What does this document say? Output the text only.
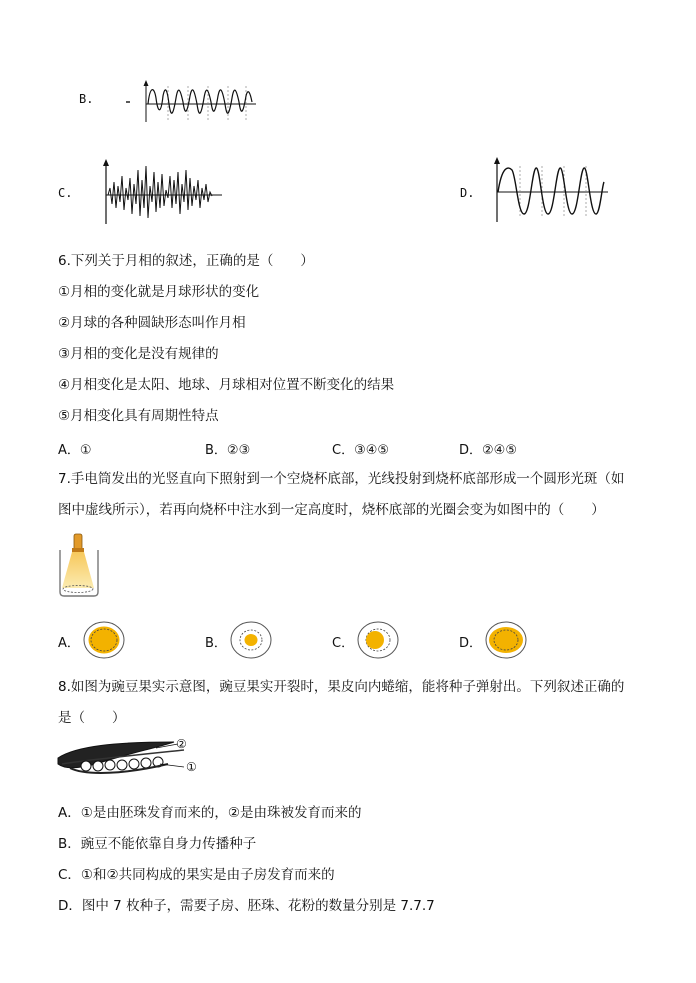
B.
C.	D.
6.下列关于月相的叙述，正确的是（　　）
①月相的变化就是月球形状的变化
②月球的各种圆缺形态叫作月相
③月相的变化是没有规律的
④月相变化是太阳、地球、月球相对位置不断变化的结果
⑤月相变化具有周期性特点
A．①	B．②③	C．③④⑤	D．②④⑤
7.手电筒发出的光竖直向下照射到一个空烧杯底部，光线投射到烧杯底部形成一个圆形光斑（如
图中虚线所示），若再向烧杯中注水到一定高度时，烧杯底部的光圈会变为如图中的（　　）
A．	B．	C．	D．
8.如图为豌豆果实示意图，豌豆果实开裂时，果皮向内蜷缩，能将种子弹射出。下列叙述正确的
是（　　）
②
①
A．①是由胚珠发育而来的，②是由珠被发育而来的
B．豌豆不能依靠自身力传播种子
C．①和②共同构成的果实是由子房发育而来的
D．图中 7 枚种子，需要子房、胚珠、花粉的数量分别是 7.7.7
